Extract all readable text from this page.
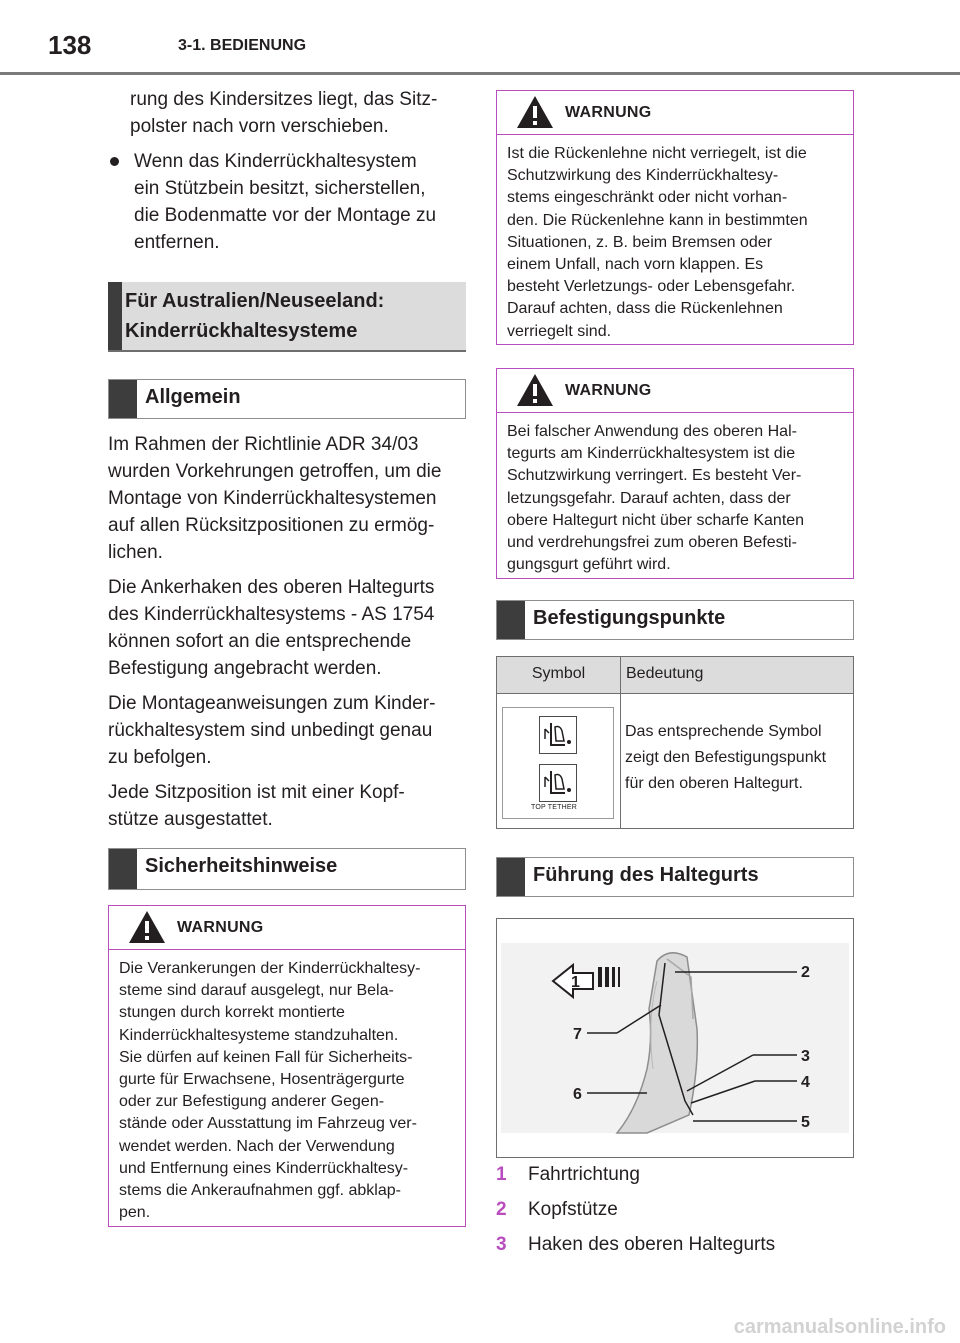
138	3-1. BEDIENUNG
rung des Kindersitzes liegt, das Sitz-
polster nach vorn verschieben.
Wenn das Kinderrückhaltesystem
ein Stützbein besitzt, sicherstellen,
die Bodenmatte vor der Montage zu
entfernen.
Für Australien/Neuseeland:
Kinderrückhaltesysteme
Allgemein
Im Rahmen der Richtlinie ADR 34/03
wurden Vorkehrungen getroffen, um die
Montage von Kinderrückhaltesystemen
auf allen Rücksitzpositionen zu ermög-
lichen.
Die Ankerhaken des oberen Haltegurts
des Kinderrückhaltesystems - AS 1754
können sofort an die entsprechende
Befestigung angebracht werden.
Die Montageanweisungen zum Kinder-
rückhaltesystem sind unbedingt genau
zu befolgen.
Jede Sitzposition ist mit einer Kopf-
stütze ausgestattet.
Sicherheitshinweise
WARNUNG
Die Verankerungen der Kinderrückhaltesy-
steme sind darauf ausgelegt, nur Bela-
stungen durch korrekt montierte
Kinderrückhaltesysteme standzuhalten.
Sie dürfen auf keinen Fall für Sicherheits-
gurte für Erwachsene, Hosenträgergurte
oder zur Befestigung anderer Gegen-
stände oder Ausstattung im Fahrzeug ver-
wendet werden. Nach der Verwendung
und Entfernung eines Kinderrückhaltesy-
stems die Ankeraufnahmen ggf. abklap-
pen.
WARNUNG
Ist die Rückenlehne nicht verriegelt, ist die
Schutzwirkung des Kinderrückhaltesy-
stems eingeschränkt oder nicht vorhan-
den. Die Rückenlehne kann in bestimmten
Situationen, z. B. beim Bremsen oder
einem Unfall, nach vorn klappen. Es
besteht Verletzungs- oder Lebensgefahr.
Darauf achten, dass die Rückenlehnen
verriegelt sind.
WARNUNG
Bei falscher Anwendung des oberen Hal-
tegurts am Kinderrückhaltesystem ist die
Schutzwirkung verringert. Es besteht Ver-
letzungsgefahr. Darauf achten, dass der
obere Haltegurt nicht über scharfe Kanten
und verdrehungsfrei zum oberen Befesti-
gungsgurt geführt wird.
Befestigungspunkte
Symbol	Bedeutung
TOP TETHER
Das entsprechende Symbol
zeigt den Befestigungspunkt
für den oberen Haltegurt.
Führung des Haltegurts
1
2
3
4
5
6
7
1	Fahrtrichtung
2	Kopfstütze
3	Haken des oberen Haltegurts
carmanualsonline.info
